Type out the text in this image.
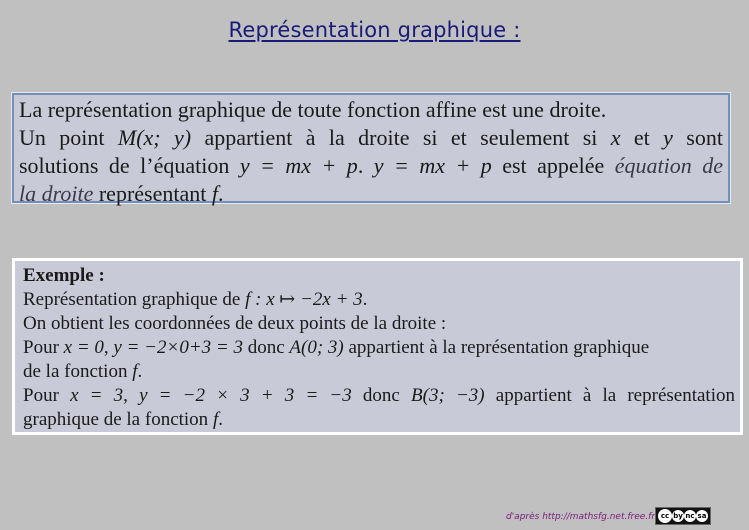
Représentation graphique :

La représentation graphique de toute fonction affine est une droite.
Un point M(x; y) appartient à la droite si et seulement si x et y sont
solutions de l’équation y = mx + p. y = mx + p est appelée équation de
la droite représentant f.

Exemple :
Représentation graphique de f : x ↦ −2x + 3.
On obtient les coordonnées de deux points de la droite :
Pour x = 0, y = −2×0+3 = 3 donc A(0; 3) appartient à la représentation graphique
de la fonction f.
Pour x = 3, y = −2 × 3 + 3 = −3 donc B(3; −3) appartient à la représentation
graphique de la fonction f.
d'après http://mathsfg.net.free.fr cc by nc sa
